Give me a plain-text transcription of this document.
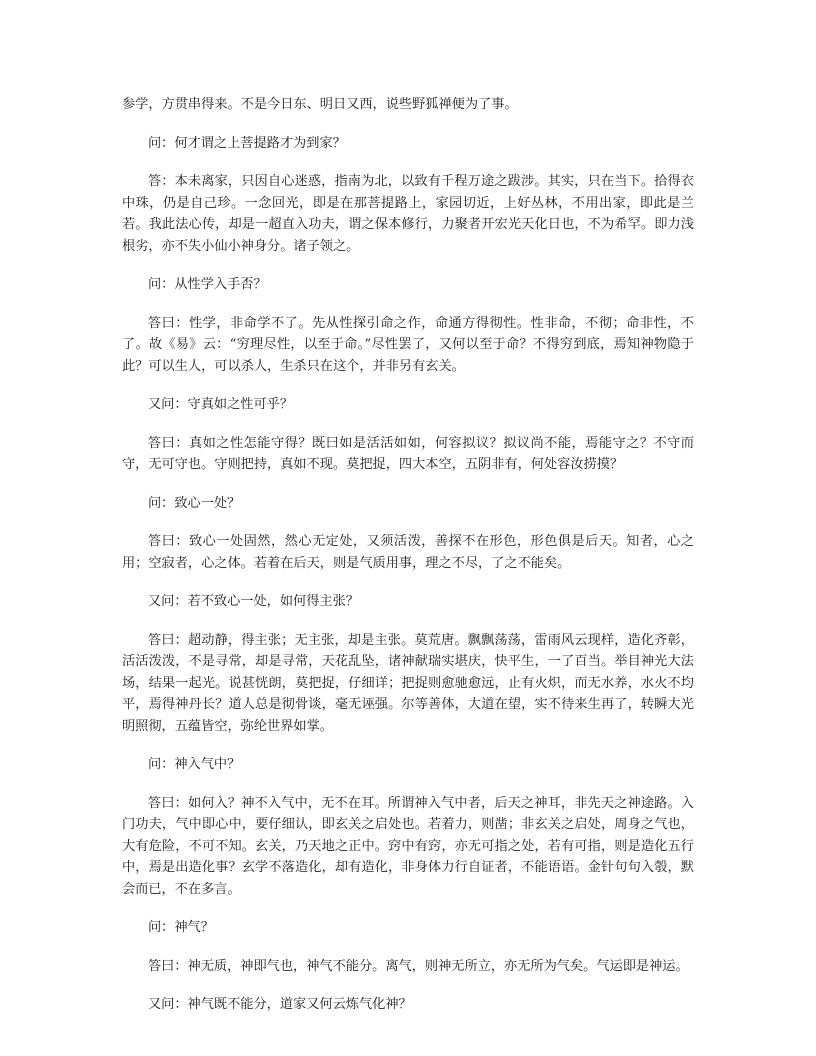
参学，方贯串得来。不是今日东、明日又西，说些野狐禅便为了事。

问：何才谓之上菩提路才为到家？

答：本未离家，只因自心迷惑，指南为北，以致有千程万途之跋涉。其实，只在当下。拾得衣中珠，仍是自己珍。一念回光，即是在那菩提路上，家园切近，上好丛林，不用出家，即此是兰若。我此法心传，却是一超直入功夫，谓之保本修行，力聚者开宏光天化日也，不为希罕。即力浅根劣，亦不失小仙小神身分。诸子领之。

问：从性学入手否？

答曰：性学，非命学不了。先从性探引命之作，命通方得彻性。性非命，不彻；命非性，不了。故《易》云：“穷理尽性，以至于命。”尽性罢了，又何以至于命？不得穷到底，焉知神物隐于此？可以生人，可以杀人，生杀只在这个，并非另有玄关。

又问：守真如之性可乎？

答曰：真如之性怎能守得？既曰如是活活如如，何容拟议？拟议尚不能，焉能守之？不守而守，无可守也。守则把持，真如不现。莫把捉，四大本空，五阴非有，何处容汝捞摸？

问：致心一处？

答曰：致心一处固然，然心无定处，又须活泼，善探不在形色，形色俱是后天。知者，心之用；空寂者，心之体。若着在后天，则是气质用事，理之不尽，了之不能矣。

又问：若不致心一处，如何得主张？

答曰：超动静，得主张；无主张，却是主张。莫荒唐。飘飘荡荡，雷雨风云现样，造化齐彰，活活泼泼，不是寻常，却是寻常，天花乱坠，诸神献瑞实堪庆，快平生，一了百当。举目神光大法场，结果一起光。说甚恍朗，莫把捉，仔细详；把捉则愈驰愈远，止有火炽，而无水养，水火不均平，焉得神丹长？道人总是彻骨谈，毫无诬强。尔等善体，大道在望，实不待来生再了，转瞬大光明照彻，五蕴皆空，弥纶世界如掌。

问：神入气中？

答曰：如何入？神不入气中，无不在耳。所谓神入气中者，后天之神耳，非先天之神途路。入门功夫，气中即心中，要仔细认，即玄关之启处也。若着力，则凿；非玄关之启处，周身之气也，大有危险，不可不知。玄关，乃天地之正中。窍中有窍，亦无可指之处，若有可指，则是造化五行中，焉是出造化事？玄学不落造化，却有造化，非身体力行自证者，不能语语。金针句句入彀，默会而已，不在多言。

问：神气？

答曰：神无质，神即气也，神气不能分。离气，则神无所立，亦无所为气矣。气运即是神运。

又问：神气既不能分，道家又何云炼气化神？
